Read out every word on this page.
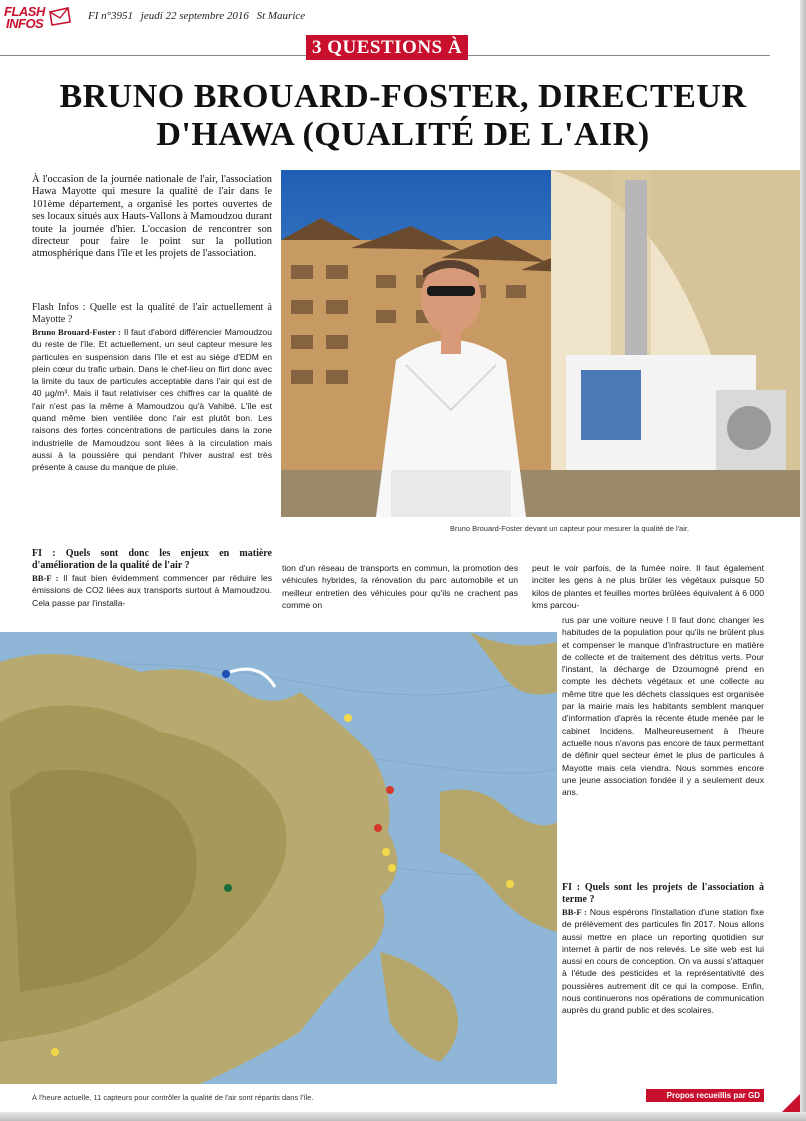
FLASH
INFOS	FI n°3951 jeudi 22 septembre 2016 St Maurice
3 QUESTIONS À
BRUNO BROUARD-FOSTER, DIRECTEUR
D'HAWA (QUALITÉ DE L'AIR)

À l'occasion de la journée nationale de l'air, l'association Hawa Mayotte qui mesure la qualité de l'air dans le 101ème département, a organisé les portes ouvertes de ses locaux situés aux Hauts-Vallons à Mamoudzou durant toute la journée d'hier. L'occasion de rencontrer son directeur pour faire le point sur la pollution atmosphérique dans l'île et les projets de l'association.

Flash Infos : Quelle est la qualité de l'air actuellement à Mayotte ?

Bruno Brouard-Foster : Il faut d'abord différencier Mamoudzou du reste de l'île. Et actuellement, un seul capteur mesure les particules en suspension dans l'île et est au siège d'EDM en plein cœur du trafic urbain. Dans le chef-lieu on flirt donc avec la limite du taux de particules acceptable dans l'air qui est de 40 µg/m³. Mais il faut relativiser ces chiffres car la qualité de l'air n'est pas la même à Mamoudzou qu'à Vahibé. L'île est quand même bien ventilée donc l'air est plutôt bon. Les raisons des fortes concentrations de particules dans la zone industrielle de Mamoudzou sont liées à la circulation mais aussi à la poussière qui pendant l'hiver austral est très présente à cause du manque de pluie.

FI : Quels sont donc les enjeux en matière d'amélioration de la qualité de l'air ?

BB-F : Il faut bien évidemment commencer par réduire les émissions de CO2 liées aux transports surtout à Mamoudzou. Cela passe par l'installa-

tion d'un réseau de transports en commun, la promotion des véhicules hybrides, la rénovation du parc automobile et un meilleur entretien des véhicules pour qu'ils ne crachent pas comme on

peut le voir parfois, de la fumée noire. Il faut également inciter les gens à ne plus brûler les végétaux puisque 50 kilos de plantes et feuilles mortes brûlées équivalent à 6 000 kms parcou-

rus par une voiture neuve ! Il faut donc changer les habitudes de la population pour qu'ils ne brûlent plus et compenser le manque d'infrastructure en matière de collecte et de traitement des détritus verts. Pour l'instant, la décharge de Dzoumogné prend en compte les déchets végétaux et une collecte au même titre que les déchets classiques est organisée par la mairie mais les habitants semblent manquer d'information d'après la récente étude menée par le cabinet Incidens. Malheureusement à l'heure actuelle nous n'avons pas encore de taux permettant de définir quel secteur émet le plus de particules à Mayotte mais cela viendra. Nous sommes encore une jeune association fondée il y a seulement deux ans.

FI : Quels sont les projets de l'association à terme ?

BB-F : Nous espérons l'installation d'une station fixe de prélèvement des particules fin 2017. Nous allons aussi mettre en place un reporting quotidien sur internet à partir de nos relevés. Le site web est lui aussi en cours de conception. On va aussi s'attaquer à l'étude des pesticides et la représentativité des poussières autrement dit ce qui la compose. Enfin, nous continuerons nos opérations de communication auprès du grand public et des scolaires.

Bruno Brouard-Foster devant un capteur pour mesurer la qualité de l'air.
À l'heure actuelle, 11 capteurs pour contrôler la qualité de l'air sont répartis dans l'île.	Propos recueillis par GD
